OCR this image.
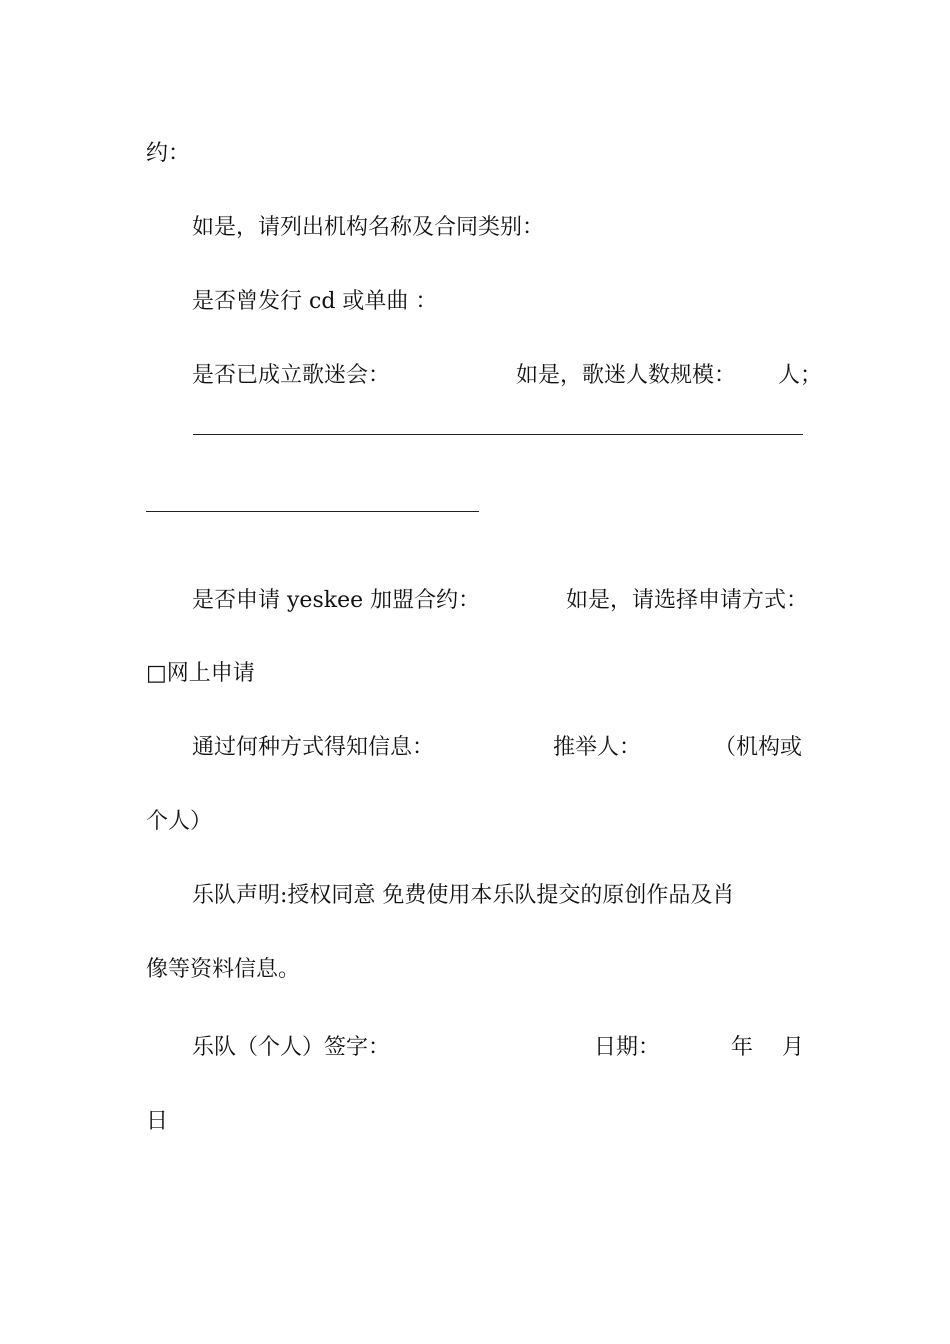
约：
如是，请列出机构名称及合同类别：
是否曾发行 cd 或单曲 ：
是否已成立歌迷会：	如是，歌迷人数规模： 人；
是否申请 yeskee 加盟合约：	如是，请选择申请方式：
□网上申请
通过何种方式得知信息：	推举人：	（机构或
个人）
乐队声明:授权同意 免费使用本乐队提交的原创作品及肖
像等资料信息。
乐队（个人）签字：	日期：	年 月
日
